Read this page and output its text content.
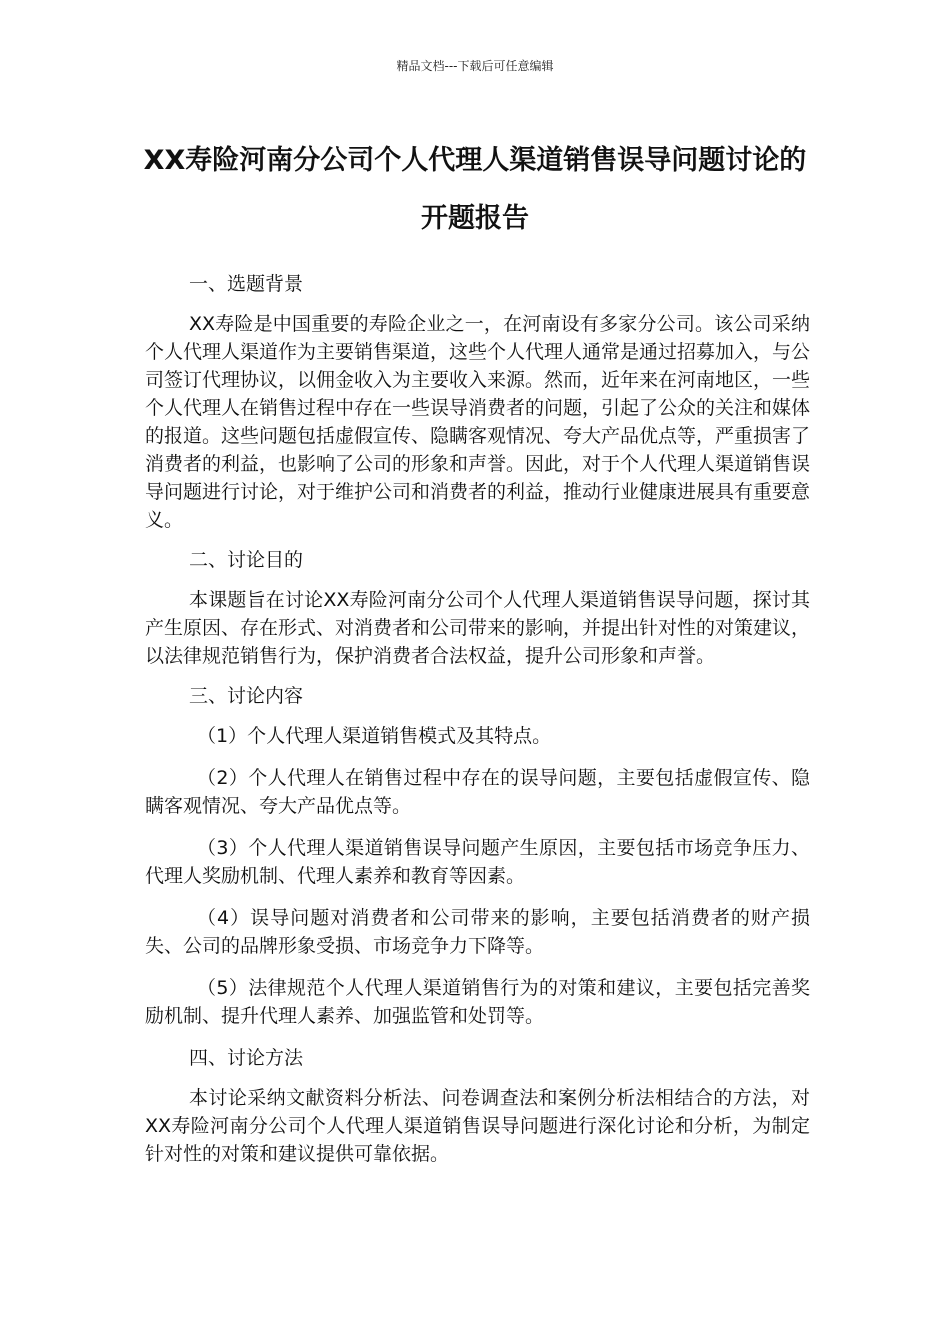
精品文档---下载后可任意编辑
XX寿险河南分公司个人代理人渠道销售误导问题讨论的开题报告
一、选题背景
XX寿险是中国重要的寿险企业之一，在河南设有多家分公司。该公司采纳个人代理人渠道作为主要销售渠道，这些个人代理人通常是通过招募加入，与公司签订代理协议，以佣金收入为主要收入来源。然而，近年来在河南地区，一些个人代理人在销售过程中存在一些误导消费者的问题，引起了公众的关注和媒体的报道。这些问题包括虚假宣传、隐瞒客观情况、夸大产品优点等，严重损害了消费者的利益，也影响了公司的形象和声誉。因此，对于个人代理人渠道销售误导问题进行讨论，对于维护公司和消费者的利益，推动行业健康进展具有重要意义。
二、讨论目的
本课题旨在讨论XX寿险河南分公司个人代理人渠道销售误导问题，探讨其产生原因、存在形式、对消费者和公司带来的影响，并提出针对性的对策建议，以法律规范销售行为，保护消费者合法权益，提升公司形象和声誉。
三、讨论内容
（1）个人代理人渠道销售模式及其特点。
（2）个人代理人在销售过程中存在的误导问题，主要包括虚假宣传、隐瞒客观情况、夸大产品优点等。
（3）个人代理人渠道销售误导问题产生原因，主要包括市场竞争压力、代理人奖励机制、代理人素养和教育等因素。
（4）误导问题对消费者和公司带来的影响，主要包括消费者的财产损失、公司的品牌形象受损、市场竞争力下降等。
（5）法律规范个人代理人渠道销售行为的对策和建议，主要包括完善奖励机制、提升代理人素养、加强监管和处罚等。
四、讨论方法
本讨论采纳文献资料分析法、问卷调查法和案例分析法相结合的方法，对XX寿险河南分公司个人代理人渠道销售误导问题进行深化讨论和分析，为制定针对性的对策和建议提供可靠依据。
